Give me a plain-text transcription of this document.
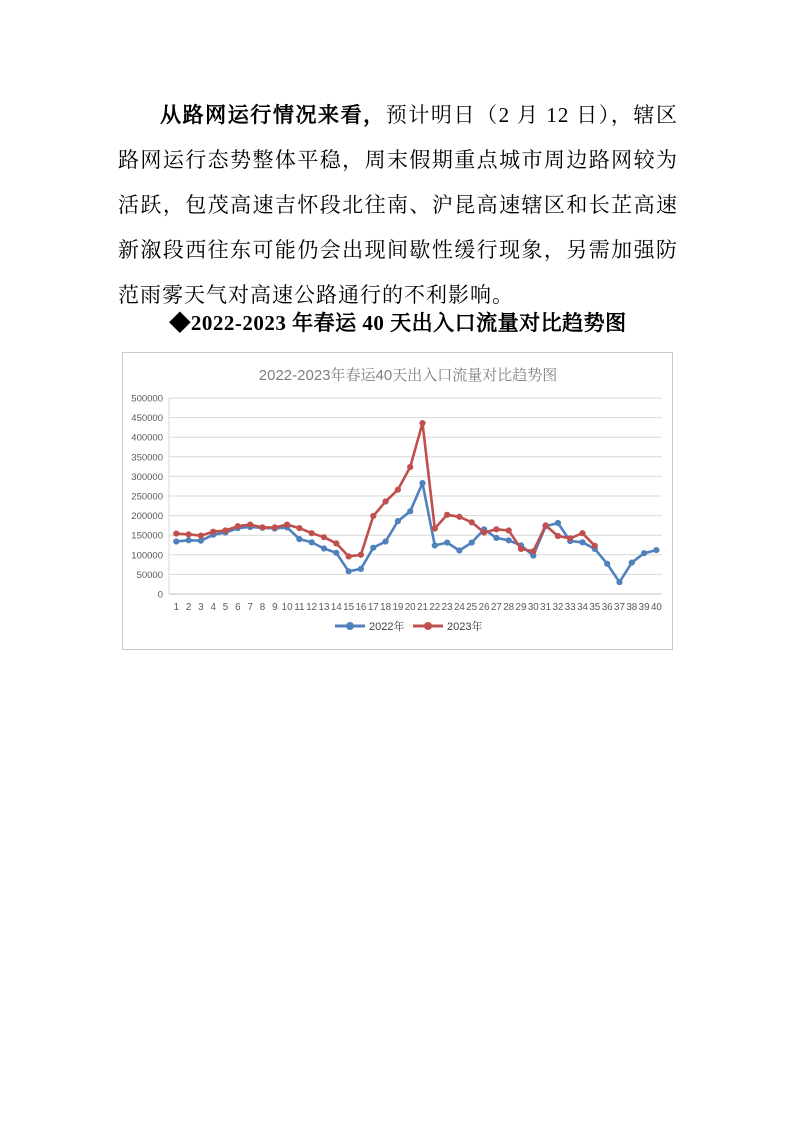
从路网运行情况来看，预计明日（2 月 12 日），辖区路网运行态势整体平稳，周末假期重点城市周边路网较为活跃，包茂高速吉怀段北往南、沪昆高速辖区和长芷高速新溆段西往东可能仍会出现间歇性缓行现象，另需加强防范雨雾天气对高速公路通行的不利影响。

◆2022-2023 年春运 40 天出入口流量对比趋势图
0
50000
100000
150000
200000
250000
300000
350000
400000
450000
500000
1 2 3 4 5 6 7 8 9 10 11 12 13 14 15 16 17 18 19 20 21 22 23 24 25 26 27 28 29 30 31 32 33 34 35 36 37 38 39 40
2022-2023年春运40天出入口流量对比趋势图
2022年	2023年
